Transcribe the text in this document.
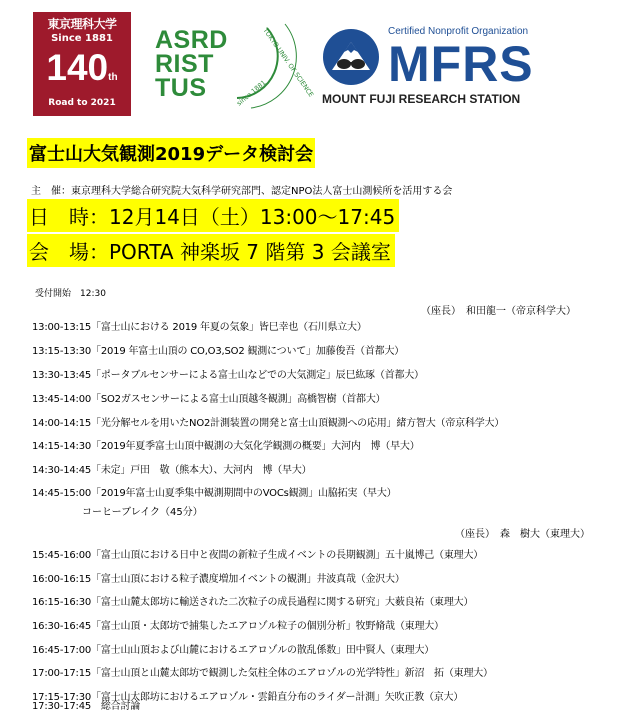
東京理科大学
Since 1881
140th
Road to 2021
ASRD
RIST
TUS	TOKYO UNIV. OF SCIENCE
since 1881
Certified Nonprofit Organization
MFRS
MOUNT FUJI RESEARCH STATION
富士山大気観測2019データ検討会
主　催：東京理科大学総合研究院大気科学研究部門、認定NPO法人富士山測候所を活用する会
日　時：12月14日（土）13:00～17:45
会　場：PORTA 神楽坂 7 階第 3 会議室
受付開始　12:30
（座長）　和田龍一（帝京科学大）
13:00-13:15「富士山における 2019 年夏の気象」皆巳幸也（石川県立大）
13:15-13:30「2019 年富士山頂の CO,O3,SO2 観測について」加藤俊吾（首都大）
13:30-13:45「ポータブルセンサーによる富士山などでの大気測定」辰巳紘琢（首都大）
13:45-14:00「SO2ガスセンサーによる富士山頂越冬観測」高橋智樹（首都大）
14:00-14:15「光分解セルを用いたNO2計測装置の開発と富士山頂観測への応用」緒方智大（帝京科学大）
14:15-14:30「2019年夏季富士山頂中観測の大気化学観測の概要」大河内　博（早大）
14:30-14:45「未定」戸田　敬（熊本大）、大河内　博（早大）
14:45-15:00「2019年富士山夏季集中観測期間中のVOCs観測」山脇拓実（早大）
コーヒーブレイク（45分）
（座長）　森　樹大（東理大）
15:45-16:00「富士山頂における日中と夜間の新粒子生成イベントの長期観測」五十嵐博己（東理大）
16:00-16:15「富士山頂における粒子濃度増加イベントの観測」井波真哉（金沢大）
16:15-16:30「富士山麓太郎坊に輸送された二次粒子の成長過程に関する研究」大薮良祐（東理大）
16:30-16:45「富士山頂・太郎坊で捕集したエアロゾル粒子の個別分析」牧野脩哉（東理大）
16:45-17:00「富士山山頂および山麓におけるエアロゾルの散乱係数」田中賢人（東理大）
17:00-17:15「富士山頂と山麓太郎坊で観測した気柱全体のエアロゾルの光学特性」新沼　拓（東理大）
17:15-17:30「富士山太郎坊におけるエアロゾル・雲鉛直分布のライダー計測」矢吹正教（京大）
17:30-17:45　総合討論
